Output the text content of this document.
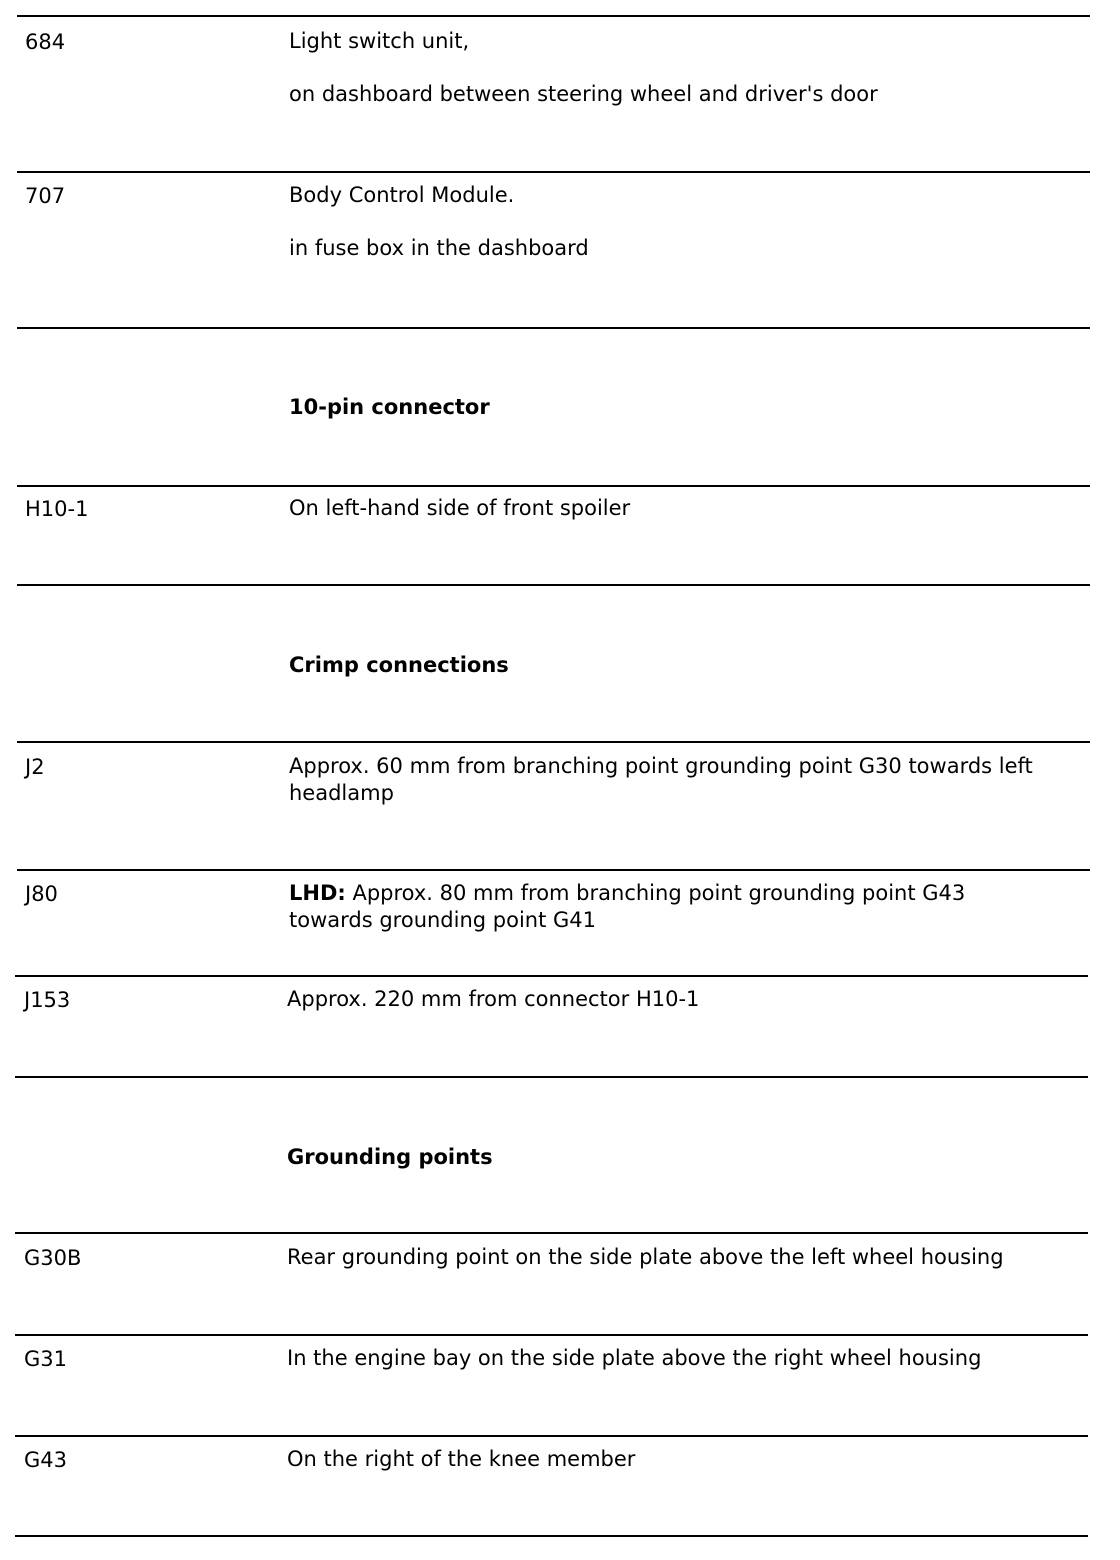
684	Light switch unit,

on dashboard between steering wheel and driver's door

707	Body Control Module.

in fuse box in the dashboard

10-pin connector
H10-1	On left-hand side of front spoiler

Crimp connections
J2	Approx. 60 mm from branching point grounding point G30 towards left headlamp

J80	LHD: Approx. 80 mm from branching point grounding point G43 towards grounding point G41

J153	Approx. 220 mm from connector H10-1

Grounding points
G30B	Rear grounding point on the side plate above the left wheel housing

G31	In the engine bay on the side plate above the right wheel housing

G43	On the right of the knee member
